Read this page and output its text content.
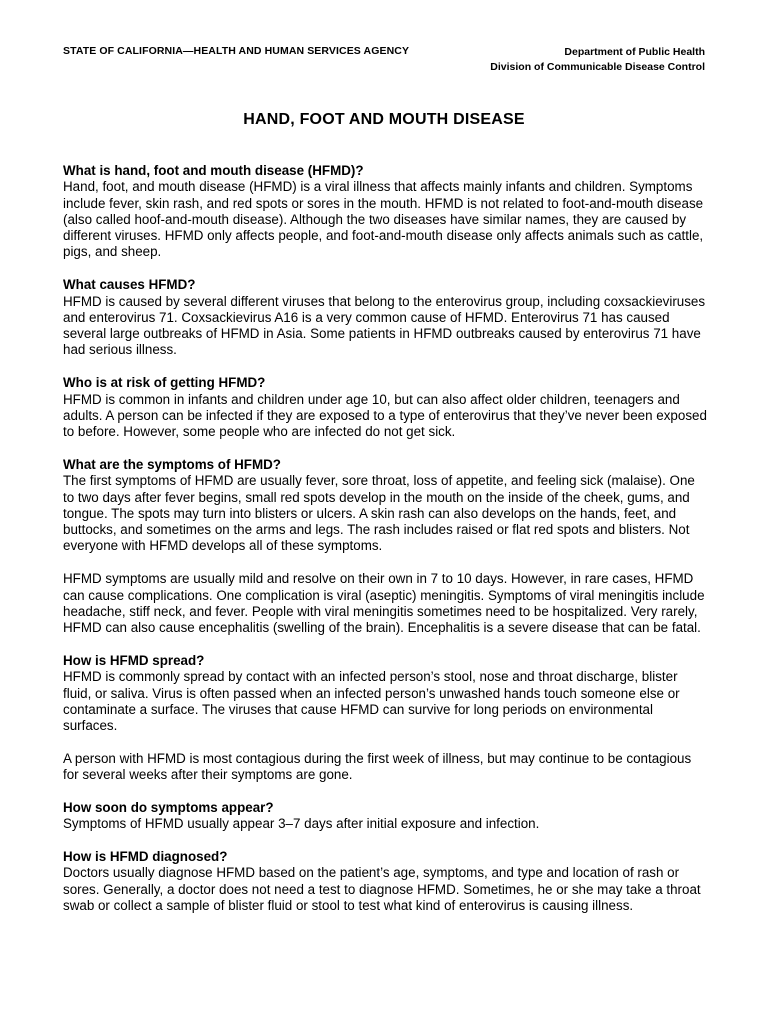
STATE OF CALIFORNIA—HEALTH AND HUMAN SERVICES AGENCY	Department of Public Health
Division of Communicable Disease Control
HAND, FOOT AND MOUTH DISEASE
What is hand, foot and mouth disease (HFMD)?

Hand, foot, and mouth disease (HFMD) is a viral illness that affects mainly infants and children. Symptoms include fever, skin rash, and red spots or sores in the mouth. HFMD is not related to foot-and-mouth disease (also called hoof-and-mouth disease). Although the two diseases have similar names, they are caused by different viruses. HFMD only affects people, and foot-and-mouth disease only affects animals such as cattle, pigs, and sheep.

What causes HFMD?

HFMD is caused by several different viruses that belong to the enterovirus group, including coxsackieviruses and enterovirus 71. Coxsackievirus A16 is a very common cause of HFMD. Enterovirus 71 has caused several large outbreaks of HFMD in Asia. Some patients in HFMD outbreaks caused by enterovirus 71 have had serious illness.

Who is at risk of getting HFMD?

HFMD is common in infants and children under age 10, but can also affect older children, teenagers and adults. A person can be infected if they are exposed to a type of enterovirus that they’ve never been exposed to before. However, some people who are infected do not get sick.

What are the symptoms of HFMD?

The first symptoms of HFMD are usually fever, sore throat, loss of appetite, and feeling sick (malaise). One to two days after fever begins, small red spots develop in the mouth on the inside of the cheek, gums, and tongue. The spots may turn into blisters or ulcers. A skin rash can also develops on the hands, feet, and buttocks, and sometimes on the arms and legs. The rash includes raised or flat red spots and blisters. Not everyone with HFMD develops all of these symptoms.

HFMD symptoms are usually mild and resolve on their own in 7 to 10 days. However, in rare cases, HFMD can cause complications. One complication is viral (aseptic) meningitis. Symptoms of viral meningitis include headache, stiff neck, and fever. People with viral meningitis sometimes need to be hospitalized. Very rarely, HFMD can also cause encephalitis (swelling of the brain). Encephalitis is a severe disease that can be fatal.

How is HFMD spread?

HFMD is commonly spread by contact with an infected person’s stool, nose and throat discharge, blister fluid, or saliva. Virus is often passed when an infected person’s unwashed hands touch someone else or contaminate a surface. The viruses that cause HFMD can survive for long periods on environmental surfaces.

A person with HFMD is most contagious during the first week of illness, but may continue to be contagious for several weeks after their symptoms are gone.

How soon do symptoms appear?

Symptoms of HFMD usually appear 3–7 days after initial exposure and infection.

How is HFMD diagnosed?

Doctors usually diagnose HFMD based on the patient’s age, symptoms, and type and location of rash or sores. Generally, a doctor does not need a test to diagnose HFMD. Sometimes, he or she may take a throat swab or collect a sample of blister fluid or stool to test what kind of enterovirus is causing illness.
